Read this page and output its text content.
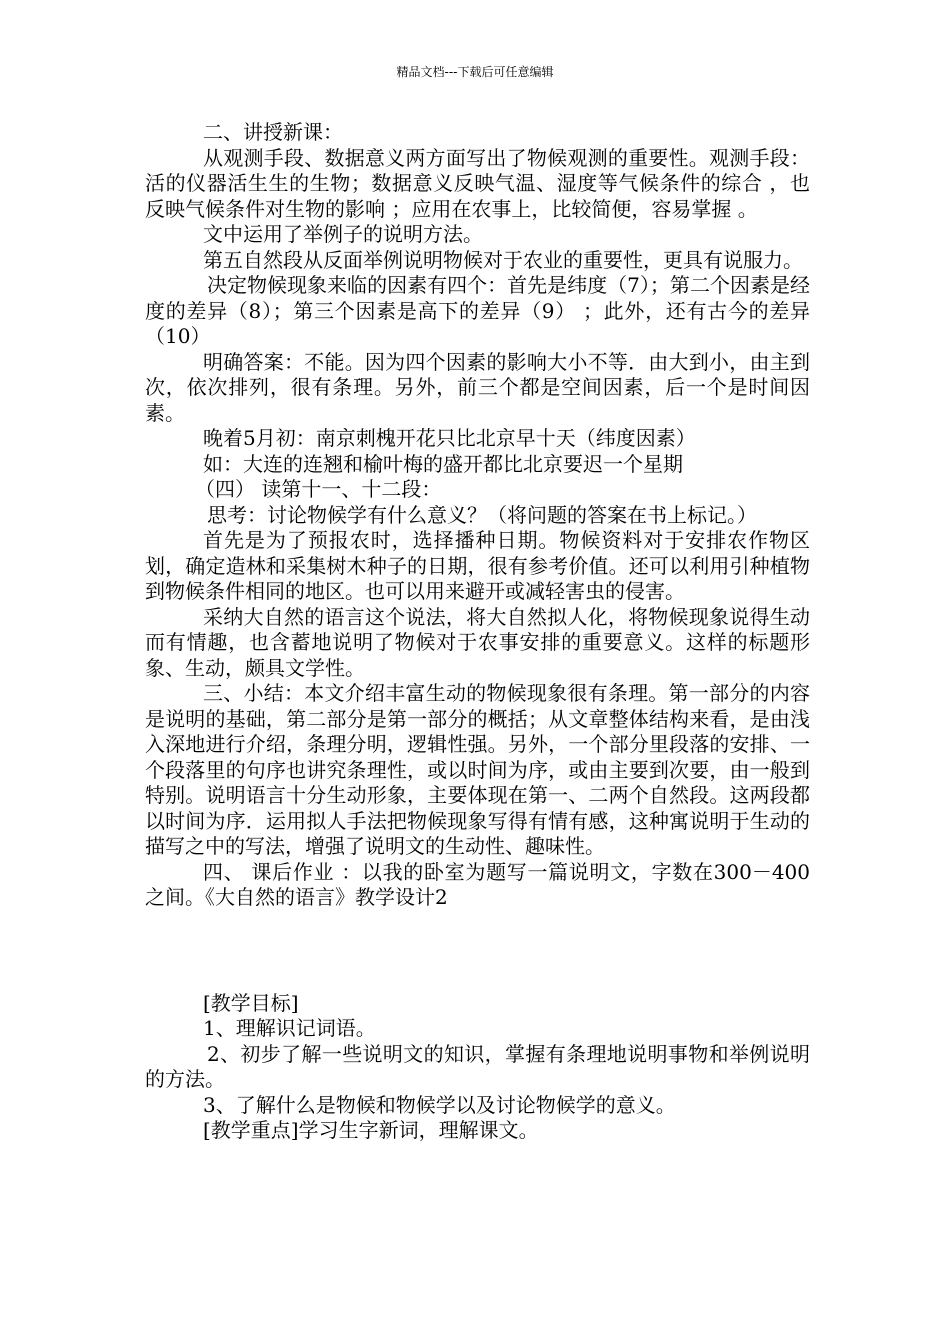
精品文档---下载后可任意编辑

二、讲授新课：

从观测手段、数据意义两方面写出了物候观测的重要性。观测手段：活的仪器活生生的生物；数据意义反映气温、湿度等气候条件的综合 ，也反映气候条件对生物的影响 ；应用在农事上，比较简便，容易掌握 。

文中运用了举例子的说明方法。

第五自然段从反面举例说明物候对于农业的重要性，更具有说服力。

决定物候现象来临的因素有四个：首先是纬度（7）；第二个因素是经度的差异（8）；第三个因素是高下的差异（9） ；此外，还有古今的差异（10）

明确答案：不能。因为四个因素的影响大小不等．由大到小，由主到次，依次排列，很有条理。另外，前三个都是空间因素，后一个是时间因素。

晚着5月初：南京刺槐开花只比北京早十天（纬度因素）

如：大连的连翘和榆叶梅的盛开都比北京要迟一个星期

（四） 读第十一、十二段：

思考：讨论物候学有什么意义？（将问题的答案在书上标记。）

首先是为了预报农时，选择播种日期。物候资料对于安排农作物区划，确定造林和采集树木种子的日期，很有参考价值。还可以利用引种植物到物候条件相同的地区。也可以用来避开或减轻害虫的侵害。

采纳大自然的语言这个说法，将大自然拟人化，将物候现象说得生动而有情趣，也含蓄地说明了物候对于农事安排的重要意义。这样的标题形象、生动，颇具文学性。

三、小结：本文介绍丰富生动的物候现象很有条理。第一部分的内容是说明的基础，第二部分是第一部分的概括；从文章整体结构来看，是由浅入深地进行介绍，条理分明，逻辑性强。另外，一个部分里段落的安排、一个段落里的句序也讲究条理性，或以时间为序，或由主要到次要，由一般到特别。说明语言十分生动形象，主要体现在第一、二两个自然段。这两段都以时间为序．运用拟人手法把物候现象写得有情有感，这种寓说明于生动的描写之中的写法，增强了说明文的生动性、趣味性。

四、 课后作业 ：以我的卧室为题写一篇说明文，字数在300－400之间。《大自然的语言》教学设计2

[教学目标]

1、理解识记词语。

2、初步了解一些说明文的知识，掌握有条理地说明事物和举例说明的方法。

3、了解什么是物候和物候学以及讨论物候学的意义。

[教学重点]学习生字新词，理解课文。
